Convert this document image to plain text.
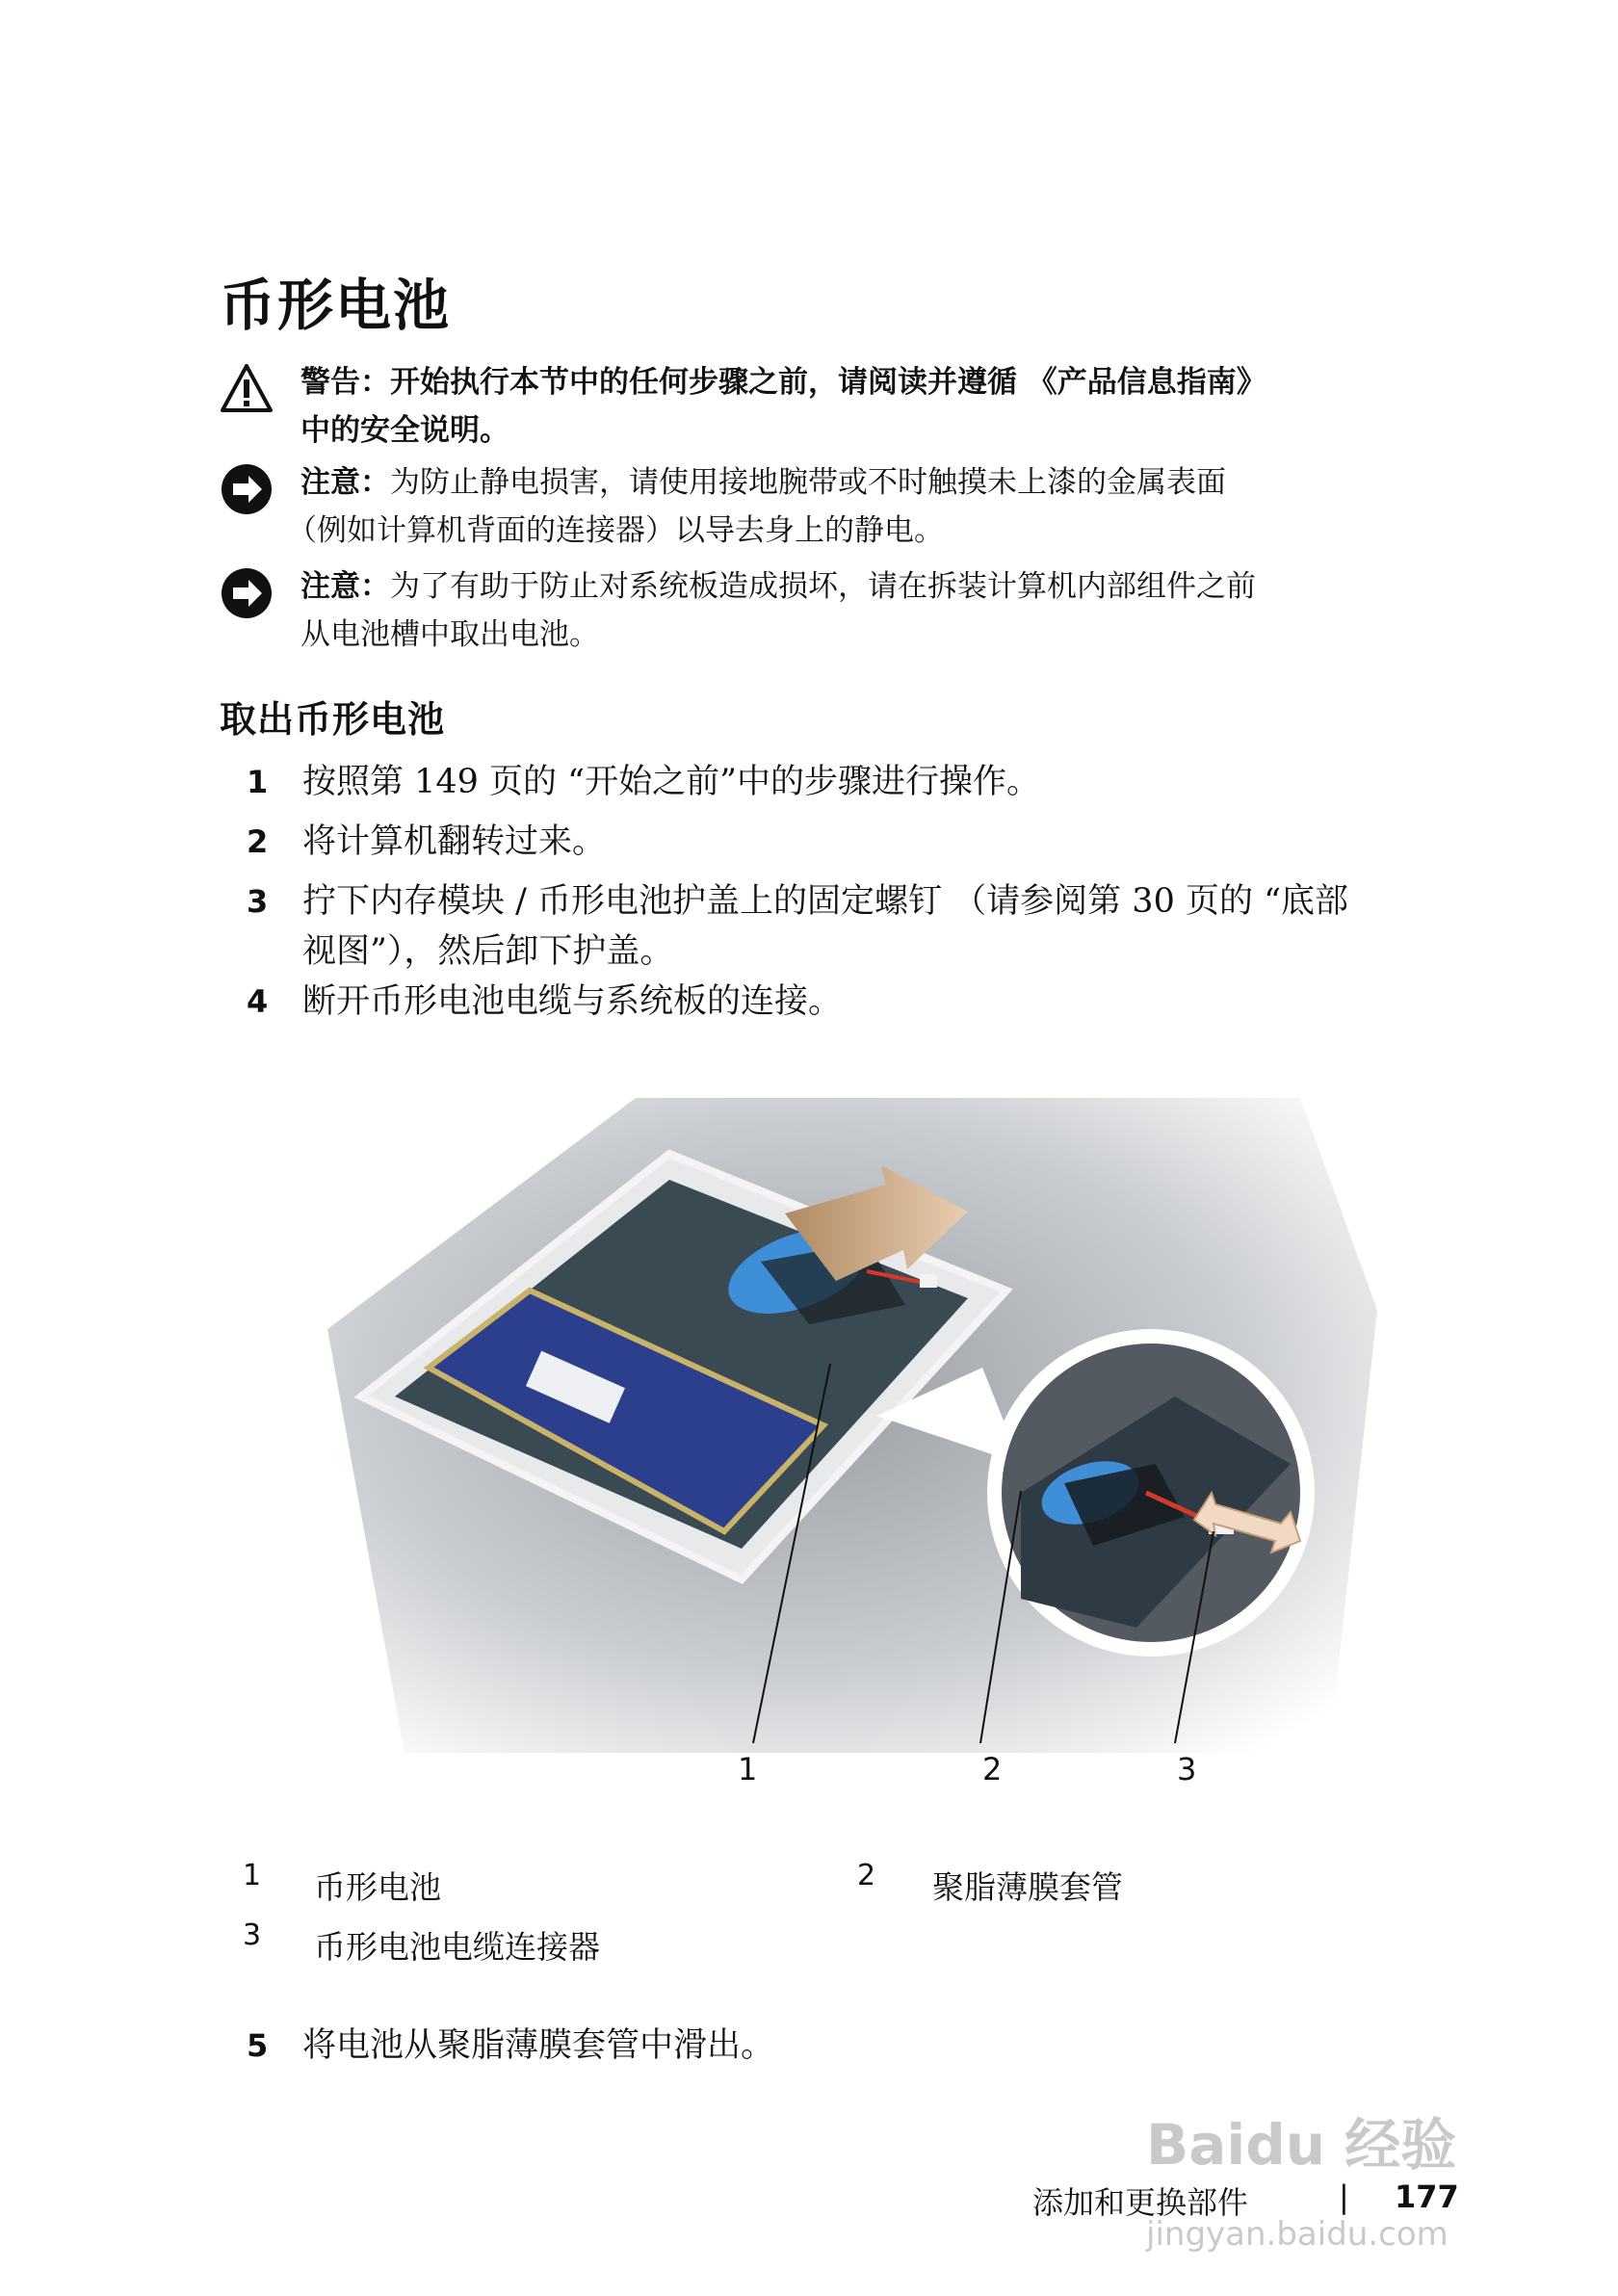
币形电池
警告：开始执行本节中的任何步骤之前，请阅读并遵循 《产品信息指南》
中的安全说明。
注意：为防止静电损害，请使用接地腕带或不时触摸未上漆的金属表面
（例如计算机背面的连接器）以导去身上的静电。
注意：为了有助于防止对系统板造成损坏，请在拆装计算机内部组件之前
从电池槽中取出电池。
取出币形电池
1 按照第 149 页的 “开始之前”中的步骤进行操作。
2 将计算机翻转过来。
3 拧下内存模块 / 币形电池护盖上的固定螺钉 （请参阅第 30 页的 “底部
视图”），然后卸下护盖。
4 断开币形电池电缆与系统板的连接。
1	2	3
1 币形电池	2 聚脂薄膜套管
3 币形电池电缆连接器
5 将电池从聚脂薄膜套管中滑出。
添加和更换部件	| 177
Baidu 经验
jingyan.baidu.com
